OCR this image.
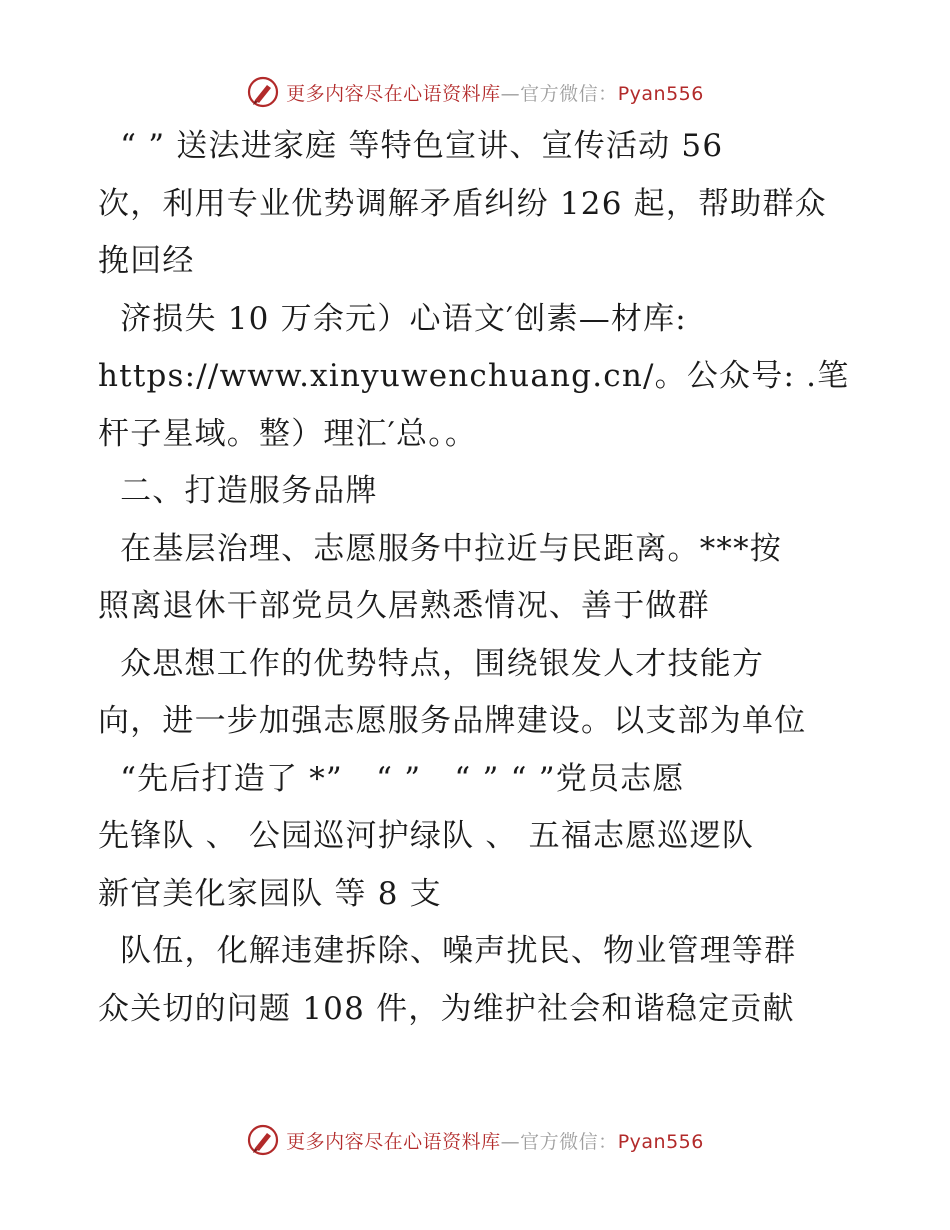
更多内容尽在心语资料库—官方微信：Pyan556
“ ” 送法进家庭 等特色宣讲、宣传活动 56
次，利用专业优势调解矛盾纠纷 126 起，帮助群众
挽回经
济损失 10 万余元）心语文′创素—材库:
https://www.xinyuwenchuang.cn/。公众号: .笔
杆子星域。整）理汇′总。。
二、打造服务品牌
在基层治理、志愿服务中拉近与民距离。***按
照离退休干部党员久居熟悉情况、善于做群
众思想工作的优势特点，围绕银发人才技能方
向，进一步加强志愿服务品牌建设。以支部为单位
“先后打造了 *”   “ ”   “ ” “ ”党员志愿
先锋队 、 公园巡河护绿队 、 五福志愿巡逻队
新官美化家园队 等 8 支
队伍，化解违建拆除、噪声扰民、物业管理等群
众关切的问题 108 件，为维护社会和谐稳定贡献
更多内容尽在心语资料库—官方微信：Pyan556
